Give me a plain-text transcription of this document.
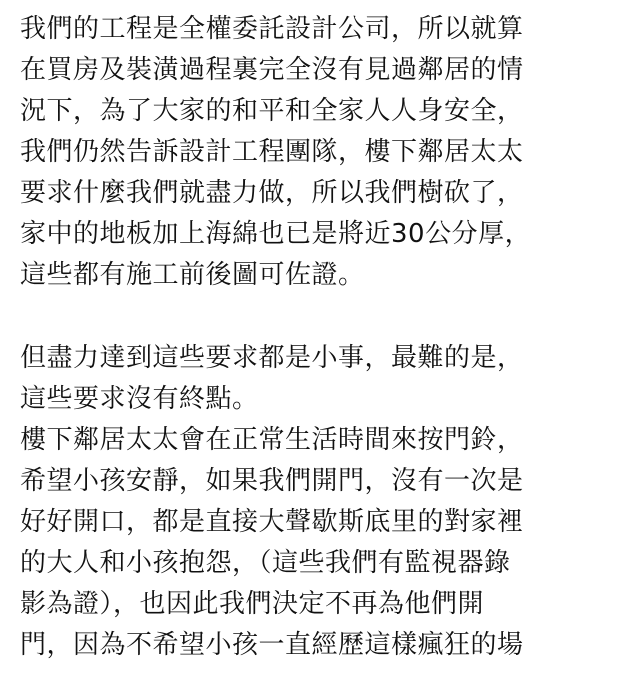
我們的工程是全權委託設計公司，所以就算
在買房及裝潢過程裏完全沒有見過鄰居的情
況下，為了大家的和平和全家人人身安全，
我們仍然告訴設計工程團隊，樓下鄰居太太
要求什麼我們就盡力做，所以我們樹砍了，
家中的地板加上海綿也已是將近30公分厚，
這些都有施工前後圖可佐證。
但盡力達到這些要求都是小事，最難的是，
這些要求沒有終點。
樓下鄰居太太會在正常生活時間來按門鈴，
希望小孩安靜，如果我們開門，沒有一次是
好好開口，都是直接大聲歇斯底里的對家裡
的大人和小孩抱怨，（這些我們有監視器錄
影為證），也因此我們決定不再為他們開
門，因為不希望小孩一直經歷這樣瘋狂的場
